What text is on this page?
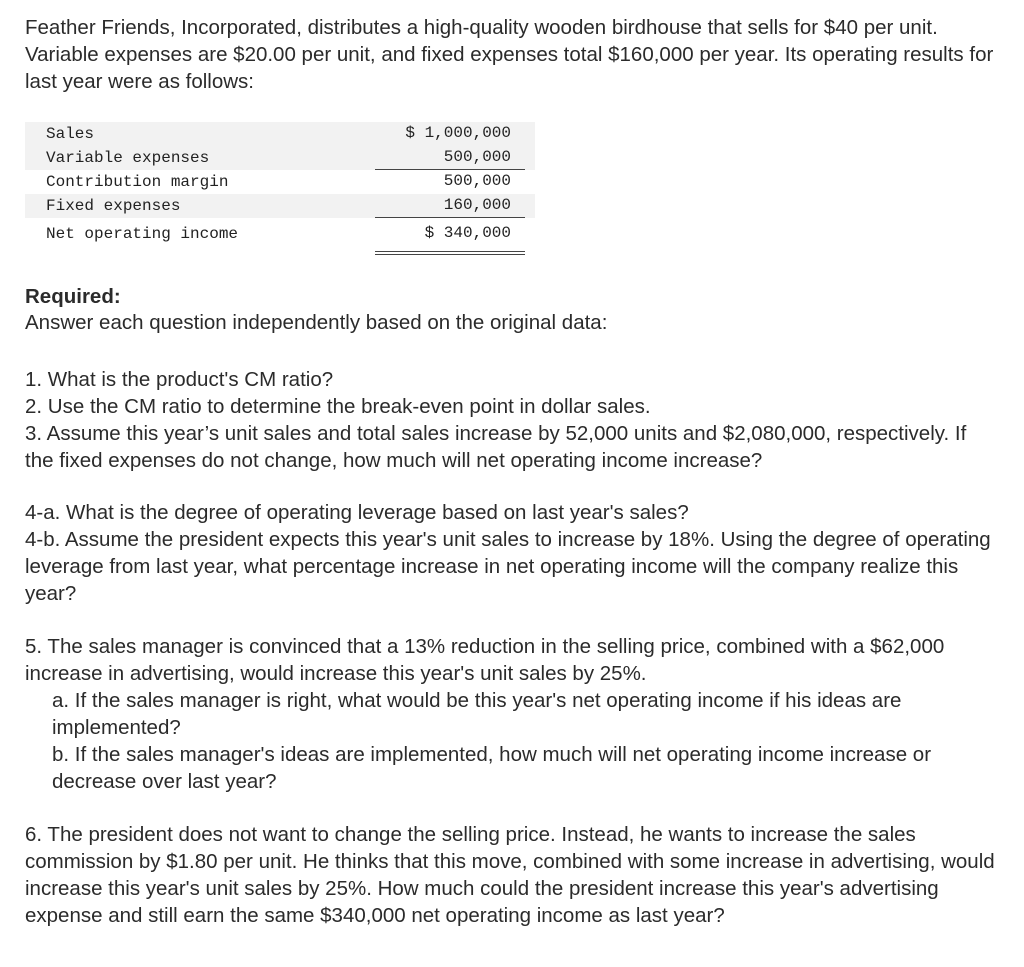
Feather Friends, Incorporated, distributes a high-quality wooden birdhouse that sells for $40 per unit. Variable expenses are $20.00 per unit, and fixed expenses total $160,000 per year. Its operating results for last year were as follows:
Sales	$ 1,000,000
Variable expenses	500,000
Contribution margin	500,000
Fixed expenses	160,000
Net operating income	$ 340,000
Required:
Answer each question independently based on the original data:

1. What is the product's CM ratio?

2. Use the CM ratio to determine the break-even point in dollar sales.

3. Assume this year’s unit sales and total sales increase by 52,000 units and $2,080,000, respectively. If the fixed expenses do not change, how much will net operating income increase?

4-a. What is the degree of operating leverage based on last year's sales?

4-b. Assume the president expects this year's unit sales to increase by 18%. Using the degree of operating leverage from last year, what percentage increase in net operating income will the company realize this year?

5. The sales manager is convinced that a 13% reduction in the selling price, combined with a $62,000 increase in advertising, would increase this year's unit sales by 25%.

a. If the sales manager is right, what would be this year's net operating income if his ideas are implemented?

b. If the sales manager's ideas are implemented, how much will net operating income increase or decrease over last year?

6. The president does not want to change the selling price. Instead, he wants to increase the sales commission by $1.80 per unit. He thinks that this move, combined with some increase in advertising, would increase this year's unit sales by 25%. How much could the president increase this year's advertising expense and still earn the same $340,000 net operating income as last year?
